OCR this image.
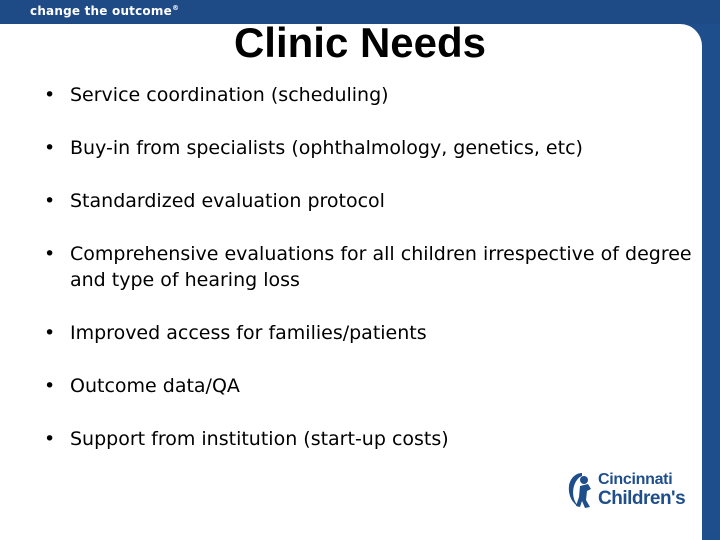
change the outcome®
Clinic Needs
• Service coordination (scheduling)
• Buy-in from specialists (ophthalmology, genetics, etc)
• Standardized evaluation protocol
• Comprehensive evaluations for all children irrespective of degree and type of hearing loss
• Improved access for families/patients
• Outcome data/QA
• Support from institution (start-up costs)
Cincinnati
Children's
